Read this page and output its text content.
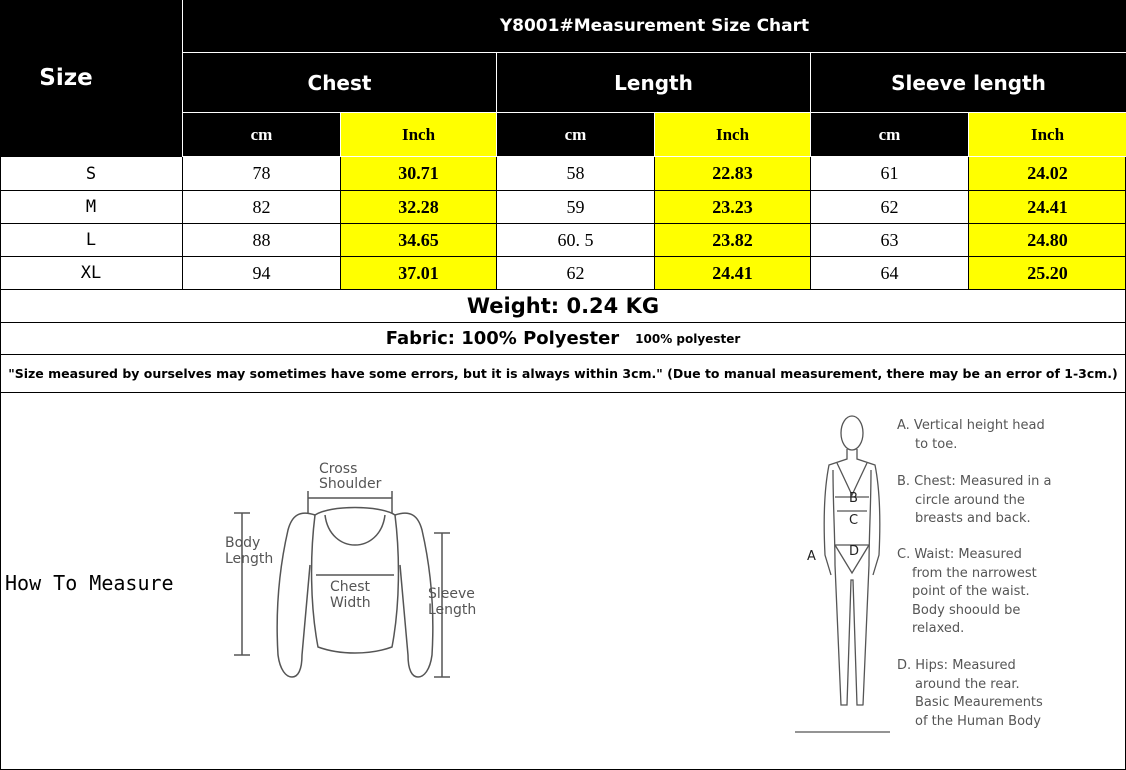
Size
Y8001#Measurement Size Chart
Chest	Length	Sleeve length
cm	Inch	cm	Inch	cm	Inch
S	78	30.71	58	22.83	61	24.02
M	82	32.28	59	23.23	62	24.41
L	88	34.65	60. 5	23.82	63	24.80
XL	94	37.01	62	24.41	64	25.20
Weight: 0.24 KG
Fabric: 100% Polyester 100% polyester
"Size measured by ourselves may sometimes have some errors, but it is always within 3cm." (Due to manual measurement, there may be an error of 1-3cm.)
How To Measure
Cross
Shoulder
Body
Length
Chest
Width
Sleeve
Length
B
C
D
A
A. Vertical height head
to toe.
B. Chest: Measured in a
circle around the
breasts and back.
C. Waist: Measured
from the narrowest
point of the waist.
Body shoould be
relaxed.
D. Hips: Measured
around the rear.
Basic Meaurements
of the Human Body
